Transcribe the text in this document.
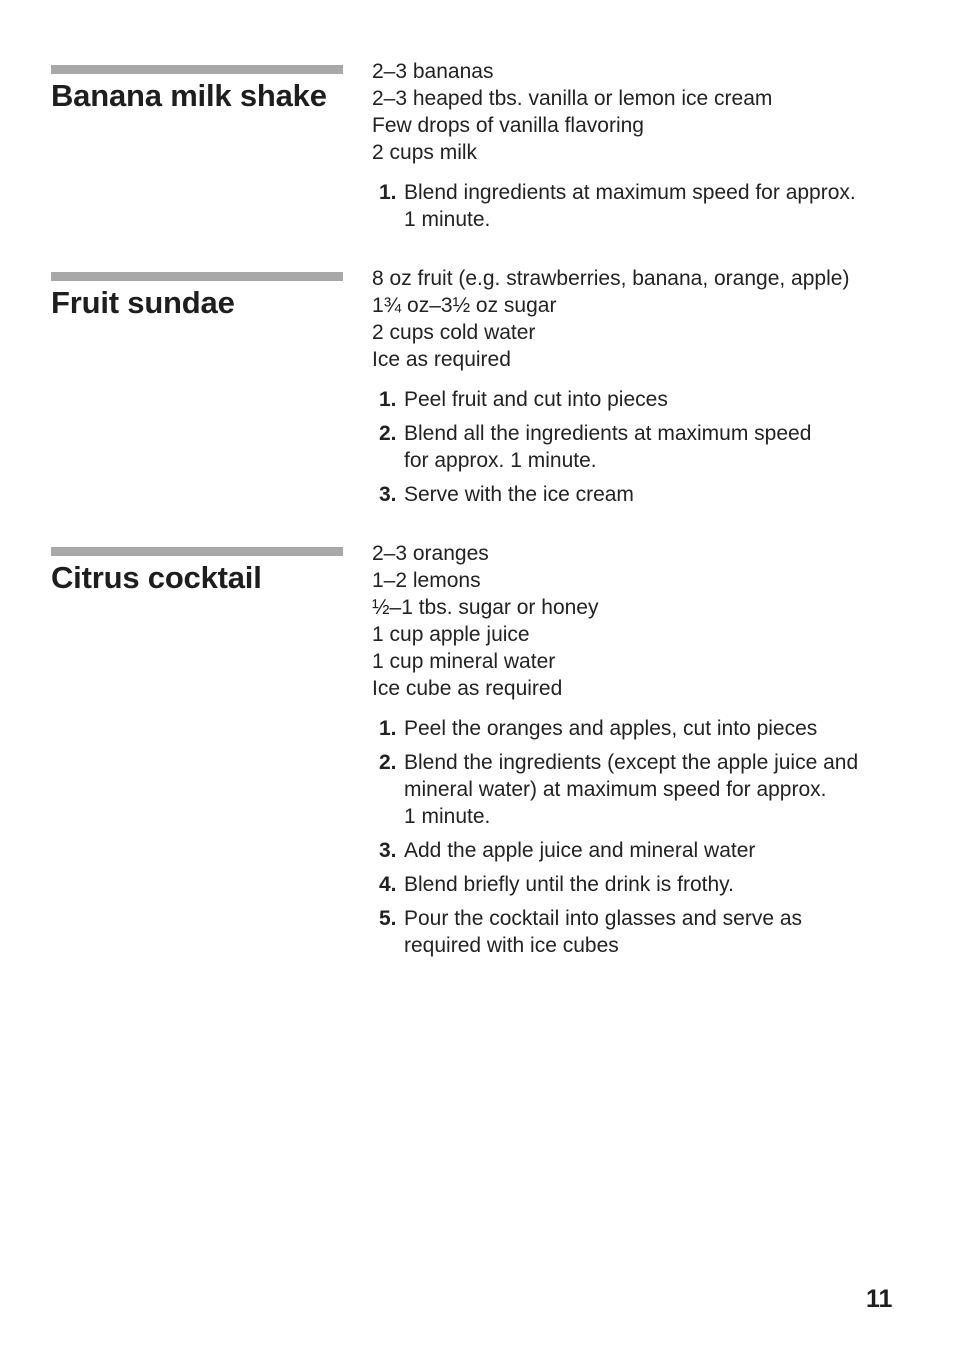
Banana milk shake
2–3 bananas
2–3 heaped tbs. vanilla or lemon ice cream
Few drops of vanilla flavoring
2 cups milk
1. Blend ingredients at maximum speed for approx.
1 minute.
Fruit sundae
8 oz fruit (e.g. strawberries, banana, orange, apple)
1¾ oz–3½ oz sugar
2 cups cold water
Ice as required
1. Peel fruit and cut into pieces
2. Blend all the ingredients at maximum speed
for approx. 1 minute.
3. Serve with the ice cream
Citrus cocktail
2–3 oranges
1–2 lemons
½–1 tbs. sugar or honey
1 cup apple juice
1 cup mineral water
Ice cube as required
1. Peel the oranges and apples, cut into pieces
2. Blend the ingredients (except the apple juice and
mineral water) at maximum speed for approx.
1 minute.
3. Add the apple juice and mineral water
4. Blend briefly until the drink is frothy.
5. Pour the cocktail into glasses and serve as
required with ice cubes
11
